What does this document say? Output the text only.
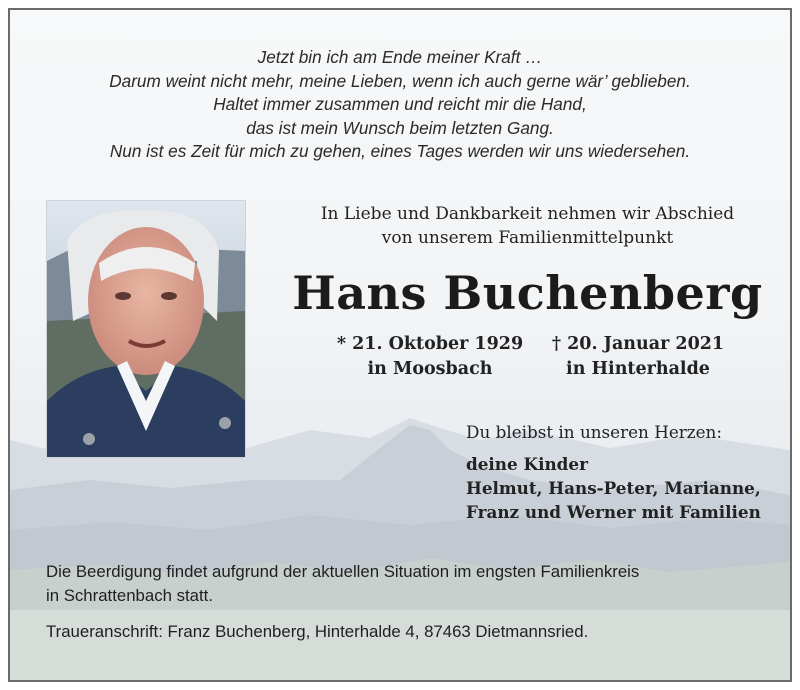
Jetzt bin ich am Ende meiner Kraft …
Darum weint nicht mehr, meine Lieben, wenn ich auch gerne wär’ geblieben.
Haltet immer zusammen und reicht mir die Hand,
das ist mein Wunsch beim letzten Gang.
Nun ist es Zeit für mich zu gehen, eines Tages werden wir uns wiedersehen.
In Liebe und Dankbarkeit nehmen wir Abschied
von unserem Familienmittelpunkt
Hans Buchenberg
* 21. Oktober 1929
in Moosbach
† 20. Januar 2021
in Hinterhalde
Du bleibst in unseren Herzen:
deine Kinder
Helmut, Hans-Peter, Marianne,
Franz und Werner mit Familien
Die Beerdigung findet aufgrund der aktuellen Situation im engsten Familienkreis
in Schrattenbach statt.
Traueranschrift: Franz Buchenberg, Hinterhalde 4, 87463 Dietmannsried.
